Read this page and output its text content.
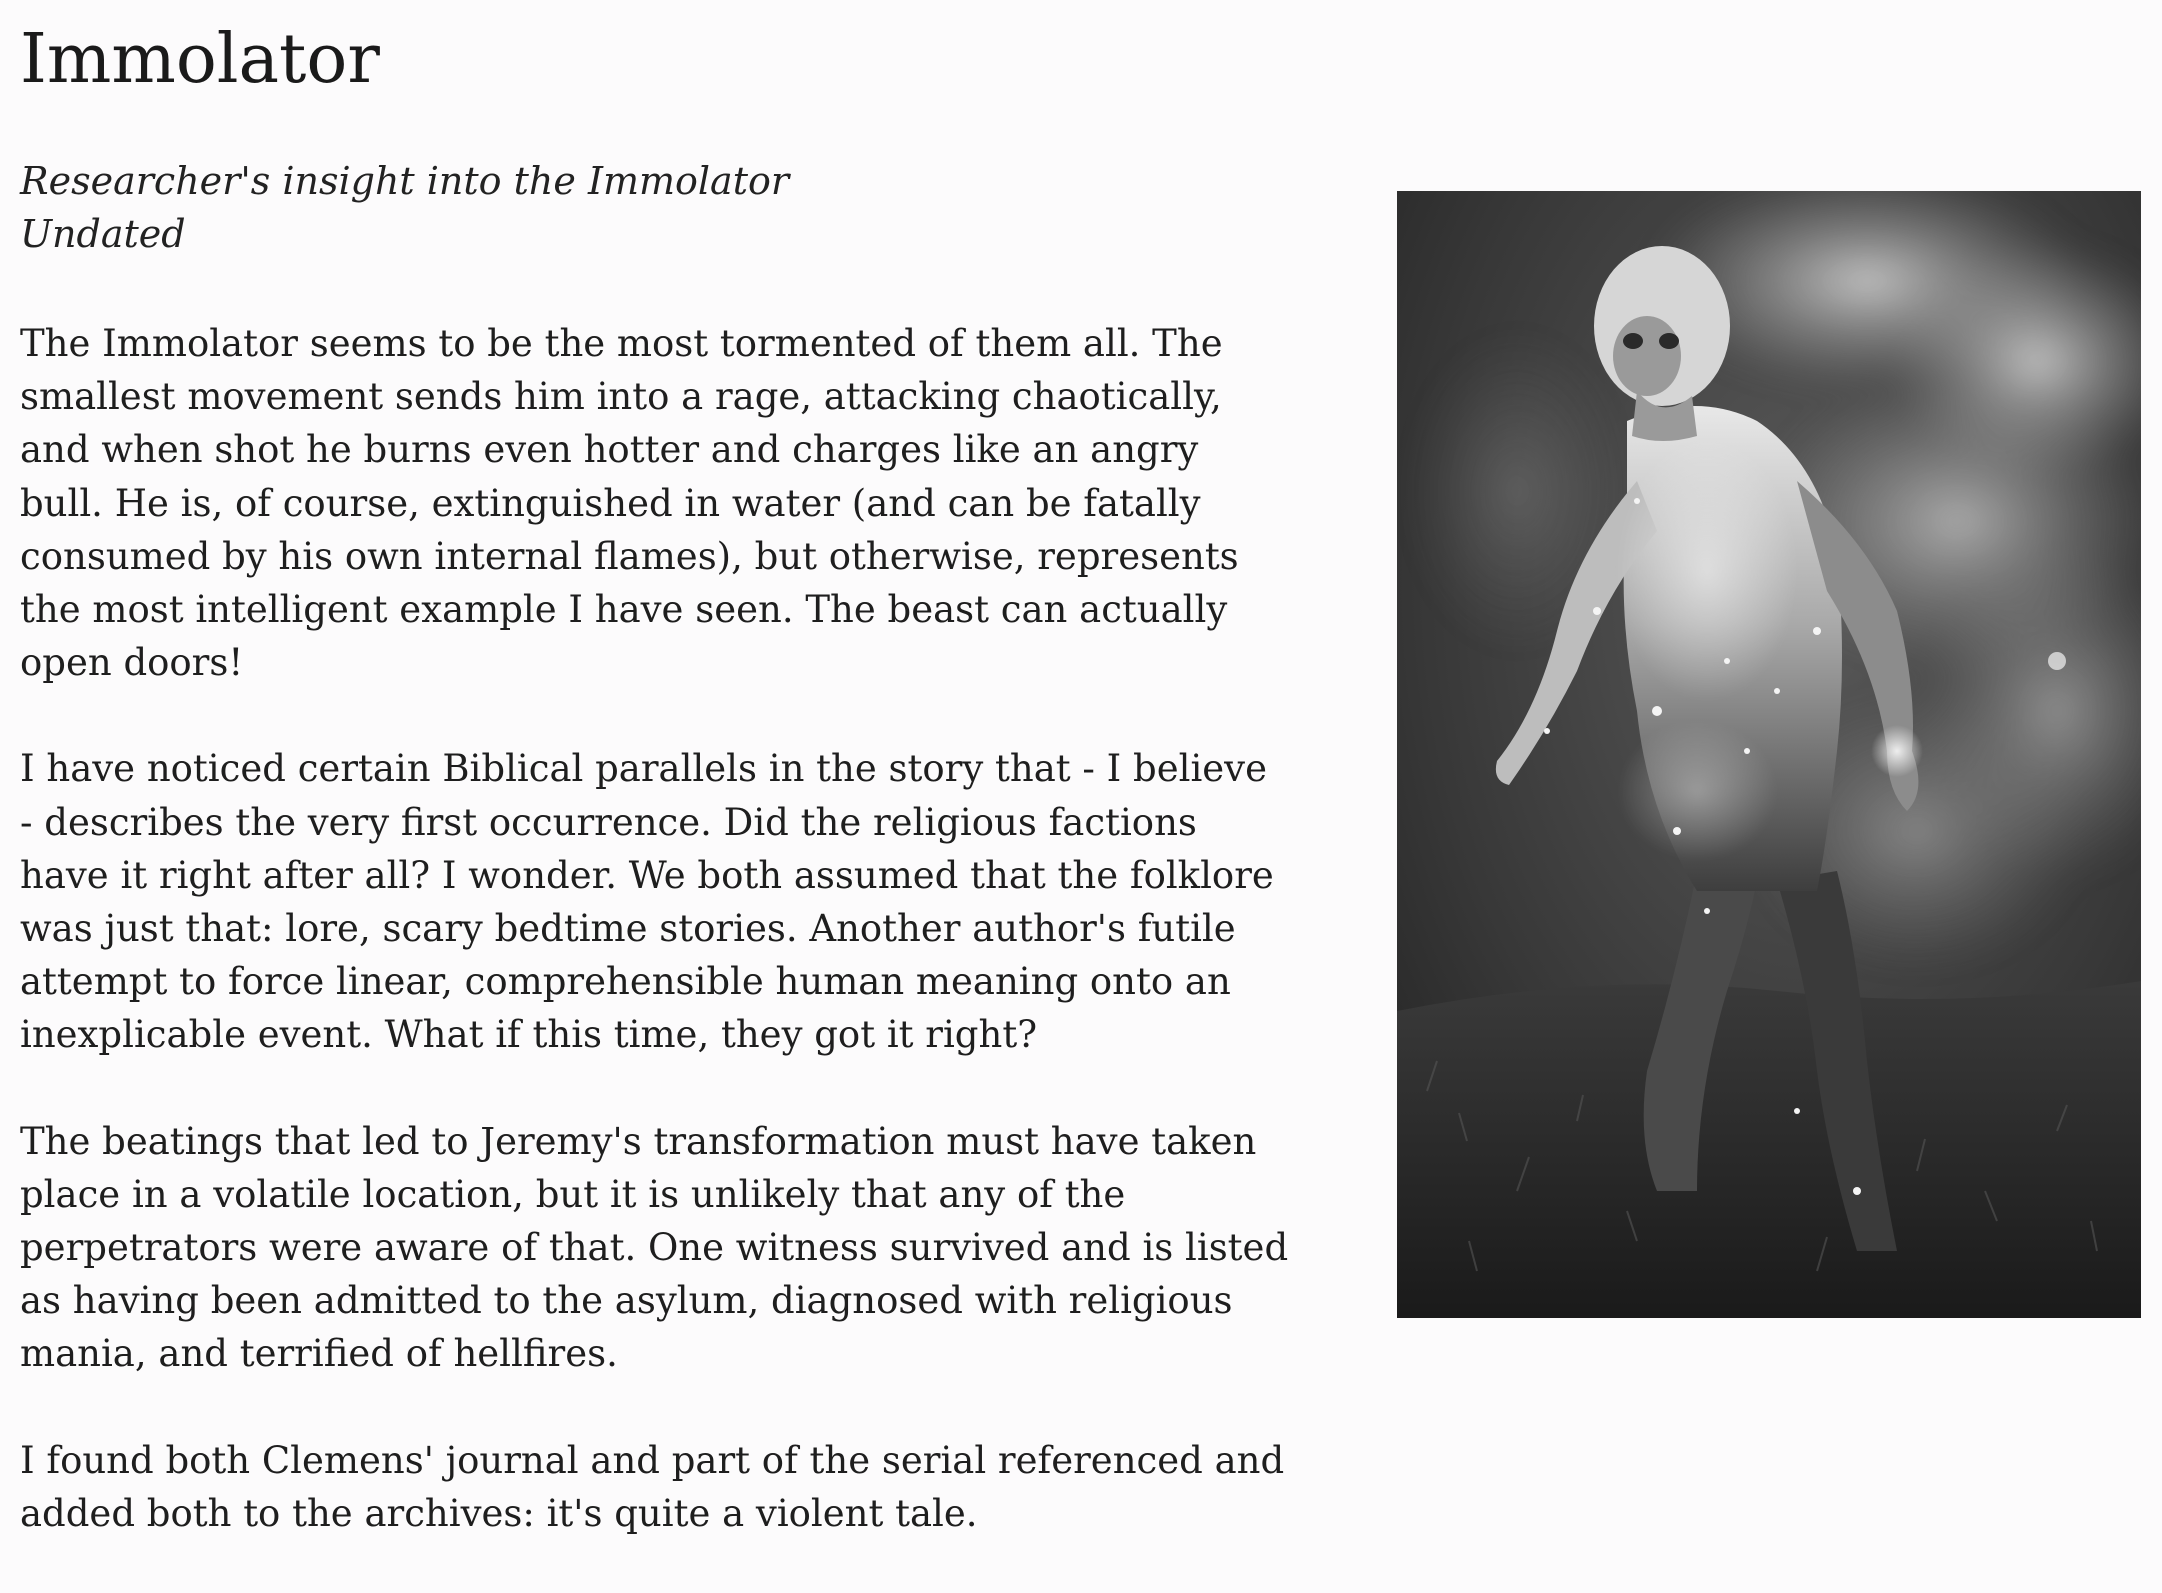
Immolator
Researcher's insight into the Immolator
Undated

The Immolator seems to be the most tormented of them all. The smallest movement sends him into a rage, attacking chaotically, and when shot he burns even hotter and charges like an angry bull. He is, of course, extinguished in water (and can be fatally consumed by his own internal flames), but otherwise, represents the most intelligent example I have seen. The beast can actually open doors!

I have noticed certain Biblical parallels in the story that - I believe - describes the very first occurrence. Did the religious factions have it right after all? I wonder. We both assumed that the folklore was just that: lore, scary bedtime stories. Another author's futile attempt to force linear, comprehensible human meaning onto an inexplicable event. What if this time, they got it right?

The beatings that led to Jeremy's transformation must have taken place in a volatile location, but it is unlikely that any of the perpetrators were aware of that. One witness survived and is listed as having been admitted to the asylum, diagnosed with religious mania, and terrified of hellfires.

I found both Clemens' journal and part of the serial referenced and added both to the archives: it's quite a violent tale.
